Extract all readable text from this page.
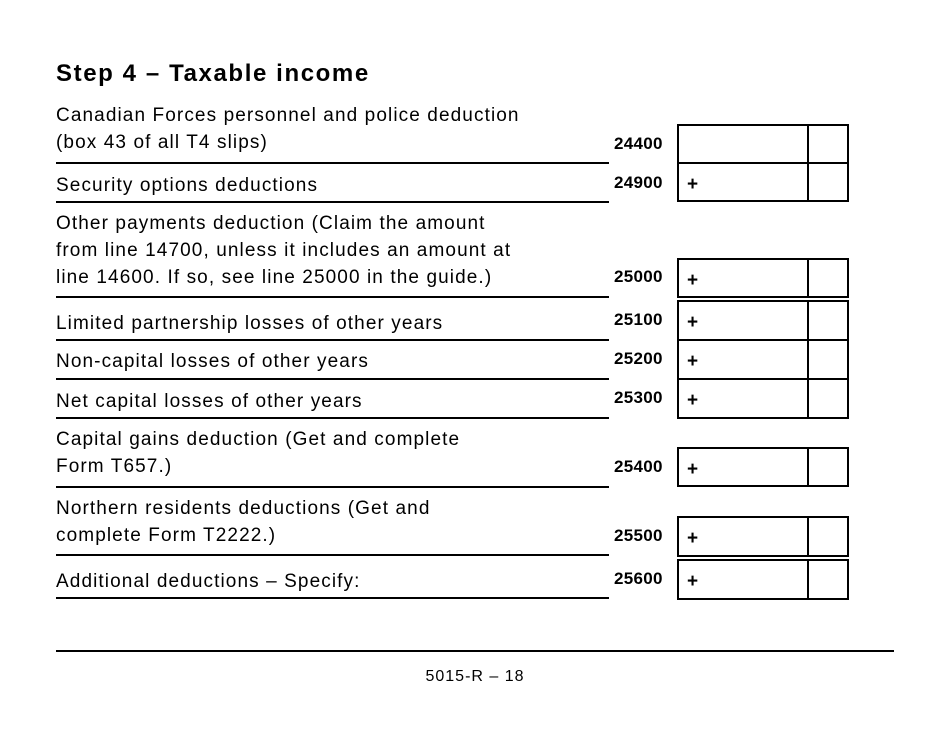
Step 4 – Taxable income
Canadian Forces personnel and police deduction
(box 43 of all T4 slips)	24400
Security options deductions	24900 +
Other payments deduction (Claim the amount
from line 14700, unless it includes an amount at
line 14600. If so, see line 25000 in the guide.)	25000 +
Limited partnership losses of other years	25100 +
Non-capital losses of other years	25200 +
Net capital losses of other years	25300 +
Capital gains deduction (Get and complete
Form T657.)	25400 +
Northern residents deductions (Get and
complete Form T2222.)	25500 +
Additional deductions – Specify:	25600 +
5015-R – 18
